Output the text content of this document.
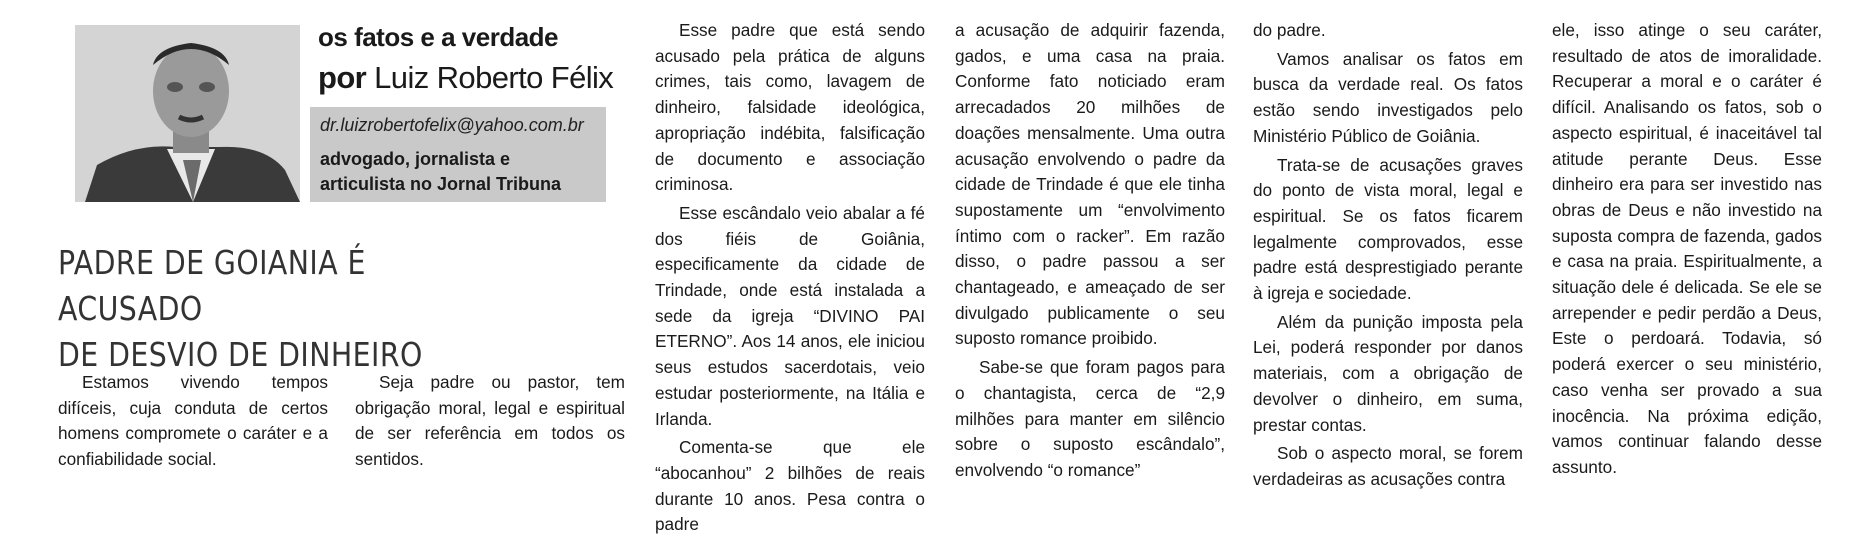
os fatos e a verdade
por Luiz Roberto Félix
dr.luizrobertofelix@yahoo.com.br
advogado, jornalista e
articulista no Jornal Tribuna
PADRE DE GOIANIA É ACUSADO
DE DESVIO DE DINHEIRO

Estamos vivendo tempos difíceis, cuja conduta de certos homens compromete o caráter e a confiabilidade social.

Seja padre ou pastor, tem obrigação moral, legal e espiritual de ser referência em todos os sentidos.

Esse padre que está sendo acusado pela prática de alguns crimes, tais como, lavagem de dinheiro, falsidade ideológica, apropriação indébita, falsificação de documento e associação criminosa.

Esse escândalo veio abalar a fé dos fiéis de Goiânia, especificamente da cidade de Trindade, onde está instalada a sede da igreja “DIVINO PAI ETERNO”. Aos 14 anos, ele iniciou seus estudos sacerdotais, veio estudar posteriormente, na Itália e Irlanda.

Comenta-se que ele “abocanhou” 2 bilhões de reais durante 10 anos. Pesa contra o padre

a acusação de adquirir fazenda, gados, e uma casa na praia. Conforme fato noticiado eram arrecadados 20 milhões de doações mensalmente. Uma outra acusação envolvendo o padre da cidade de Trindade é que ele tinha supostamente um “envolvimento íntimo com o racker”. Em razão disso, o padre passou a ser chantageado, e ameaçado de ser divulgado publicamente o seu suposto romance proibido.

Sabe-se que foram pagos para o chantagista, cerca de “2,9 milhões para manter em silêncio sobre o suposto escândalo”, envolvendo “o romance”

do padre.

Vamos analisar os fatos em busca da verdade real. Os fatos estão sendo investigados pelo Ministério Público de Goiânia.

Trata-se de acusações graves do ponto de vista moral, legal e espiritual. Se os fatos ficarem legalmente comprovados, esse padre está desprestigiado perante à igreja e sociedade.

Além da punição imposta pela Lei, poderá responder por danos materiais, com a obrigação de devolver o dinheiro, em suma, prestar contas.

Sob o aspecto moral, se forem verdadeiras as acusações contra

ele, isso atinge o seu caráter, resultado de atos de imoralidade. Recuperar a moral e o caráter é difícil. Analisando os fatos, sob o aspecto espiritual, é inaceitável tal atitude perante Deus. Esse dinheiro era para ser investido nas obras de Deus e não investido na suposta compra de fazenda, gados e casa na praia. Espiritualmente, a situação dele é delicada. Se ele se arrepender e pedir perdão a Deus, Este o perdoará. Todavia, só poderá exercer o seu ministério, caso venha ser provado a sua inocência. Na próxima edição, vamos continuar falando desse assunto.
